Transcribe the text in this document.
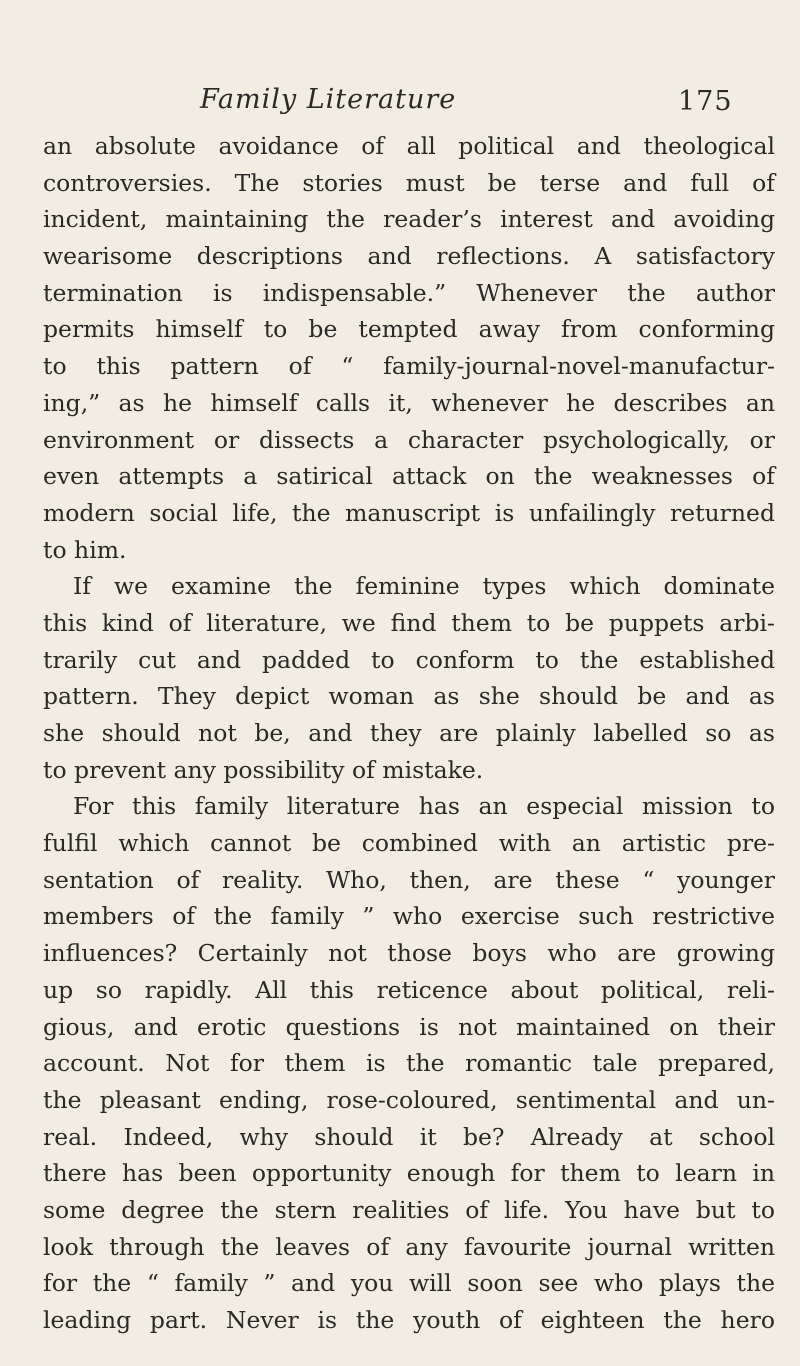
Family Literature	175
an absolute avoidance of all political and theological
controversies. The stories must be terse and full of
incident, maintaining the reader’s interest and avoiding
wearisome descriptions and reflections. A satisfactory
termination is indispensable.” Whenever the author
permits himself to be tempted away from conforming
to this pattern of “ family-journal-novel-manufactur-
ing,” as he himself calls it, whenever he describes an
environment or dissects a character psychologically, or
even attempts a satirical attack on the weaknesses of
modern social life, the manuscript is unfailingly returned
to him.
If we examine the feminine types which dominate
this kind of literature, we find them to be puppets arbi-
trarily cut and padded to conform to the established
pattern. They depict woman as she should be and as
she should not be, and they are plainly labelled so as
to prevent any possibility of mistake.
For this family literature has an especial mission to
fulfil which cannot be combined with an artistic pre-
sentation of reality. Who, then, are these “ younger
members of the family ” who exercise such restrictive
influences? Certainly not those boys who are growing
up so rapidly. All this reticence about political, reli-
gious, and erotic questions is not maintained on their
account. Not for them is the romantic tale prepared,
the pleasant ending, rose-coloured, sentimental and un-
real. Indeed, why should it be? Already at school
there has been opportunity enough for them to learn in
some degree the stern realities of life. You have but to
look through the leaves of any favourite journal written
for the “ family ” and you will soon see who plays the
leading part. Never is the youth of eighteen the hero
